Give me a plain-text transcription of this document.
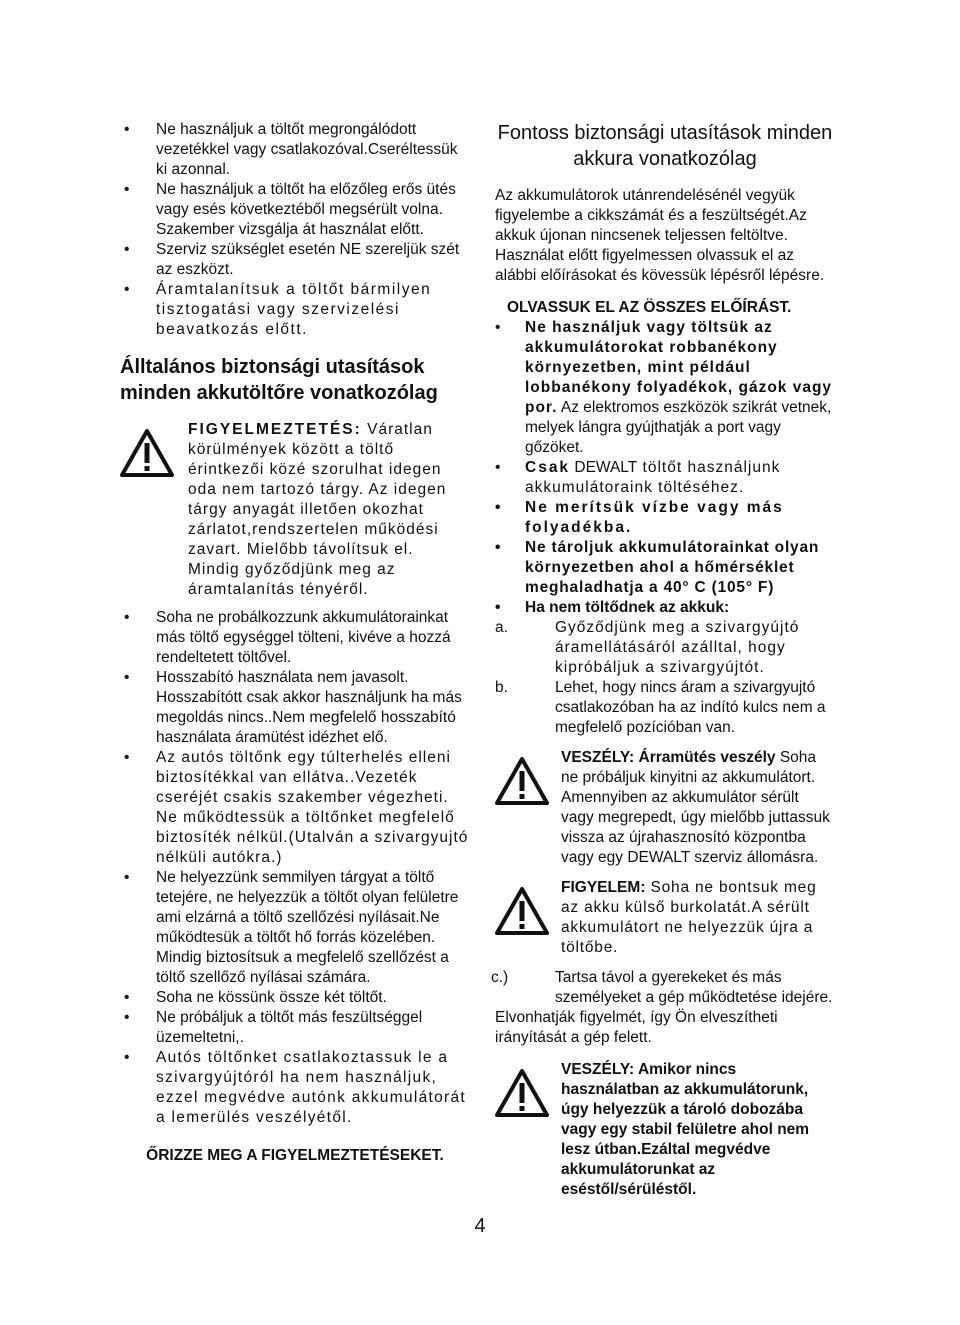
• Ne használjuk a töltőt megrongálódott vezetékkel vagy csatlakozóval.Cseréltessük ki azonnal.
• Ne használjuk a töltőt ha előzőleg erős ütés vagy esés következtéből megsérült volna. Szakember vizsgálja át használat előtt.
• Szerviz szükséglet esetén NE szereljük szét az eszközt.
• Áramtalanítsuk a töltőt bármilyen tisztogatási vagy szervizelési beavatkozás előtt.
Álltalános biztonsági utasítások minden akkutöltőre vonatkozólag
FIGYELMEZTETÉS: Váratlan körülmények között a töltő érintkezői közé szorulhat idegen oda nem tartozó tárgy. Az idegen tárgy anyagát illetően okozhat zárlatot,rendszertelen működési zavart. Mielőbb távolítsuk el. Mindig győződjünk meg az áramtalanítás tényéről.
• Soha ne probálkozzunk akkumulátorainkat más töltő egységgel tölteni, kivéve a hozzá rendeltetett töltővel.
• Hosszabító használata nem javasolt. Hosszabítótt csak akkor használjunk ha más megoldás nincs..Nem megfelelő hosszabító használata áramütést idézhet elő.
• Az autós töltőnk egy túlterhelés elleni biztosítékkal van ellátva..Vezeték cseréjét csakis szakember végezheti. Ne működtessük a töltőnket megfelelő biztosíték nélkül.(Utalván a szivargyujtó nélküli autókra.)
• Ne helyezzünk semmilyen tárgyat a töltő tetejére, ne helyezzük a töltőt olyan felületre ami elzárná a töltő szellőzési nyílásait.Ne működtesük a töltőt hő forrás közelében. Mindig biztosítsuk a megfelelő szellőzést a töltő szellőző nyílásai számára.
• Soha ne kössünk össze két töltőt.
• Ne próbáljuk a töltőt más feszültséggel üzemeltetni,.
• Autós töltőnket csatlakoztassuk le a szivargyújtóról ha nem használjuk, ezzel megvédve autónk akkumulátorát a lemerülés veszélyétől.

ŐRIZZE MEG A FIGYELMEZTETÉSEKET.

Fontoss biztonsági utasítások minden akkura vonatkozólag

Az akkumulátorok utánrendelésénél vegyük figyelembe a cikkszámát és a feszültségét.Az akkuk újonan nincsenek teljessen feltöltve.

Használat előtt figyelmessen olvassuk el az alábbi előírásokat és kövessük lépésről lépésre.

OLVASSUK EL AZ ÖSSZES ELŐÍRÁST.

• Ne használjuk vagy töltsük az akkumulátorokat robbanékony környezetben, mint például lobbanékony folyadékok, gázok vagy por. Az elektromos eszközök szikrát vetnek, melyek lángra gyújthatják a port vagy gőzöket.
• Csak DEWALT töltőt használjunk akkumulátoraink töltéséhez.
• Ne merítsük vízbe vagy más folyadékba.
• Ne tároljuk akkumulátorainkat olyan környezetben ahol a hőmérséklet meghaladhatja a 40° C (105° F)
• Ha nem töltődnek az akkuk:
a.	Győződjünk meg a szivargyújtó áramellátásáról azálltal, hogy kipróbáljuk a szivargyújtót.
b.	Lehet, hogy nincs áram a szivargyujtó csatlakozóban ha az indító kulcs nem a megfelelő pozícióban van.
VESZÉLY: Árramütés veszély Soha ne próbáljuk kinyitni az akkumulátort. Amennyiben az akkumulátor sérült vagy megrepedt, úgy mielőbb juttassuk vissza az újrahasznosító központba vagy egy DEWALT szerviz állomásra.
FIGYELEM: Soha ne bontsuk meg az akku külső burkolatát.A sérült akkumulátort ne helyezzük újra a töltőbe.
c.)	Tartsa távol a gyerekeket és más személyeket a gép működtetése idejére.

Elvonhatják figyelmét, így Ön elveszítheti irányítását a gép felett.

VESZÉLY: Amikor nincs használatban az akkumulátorunk, úgy helyezzük a tároló dobozába vagy egy stabil felületre ahol nem lesz útban.Ezáltal megvédve akkumulátorunkat az eséstől/sérüléstől.
4
